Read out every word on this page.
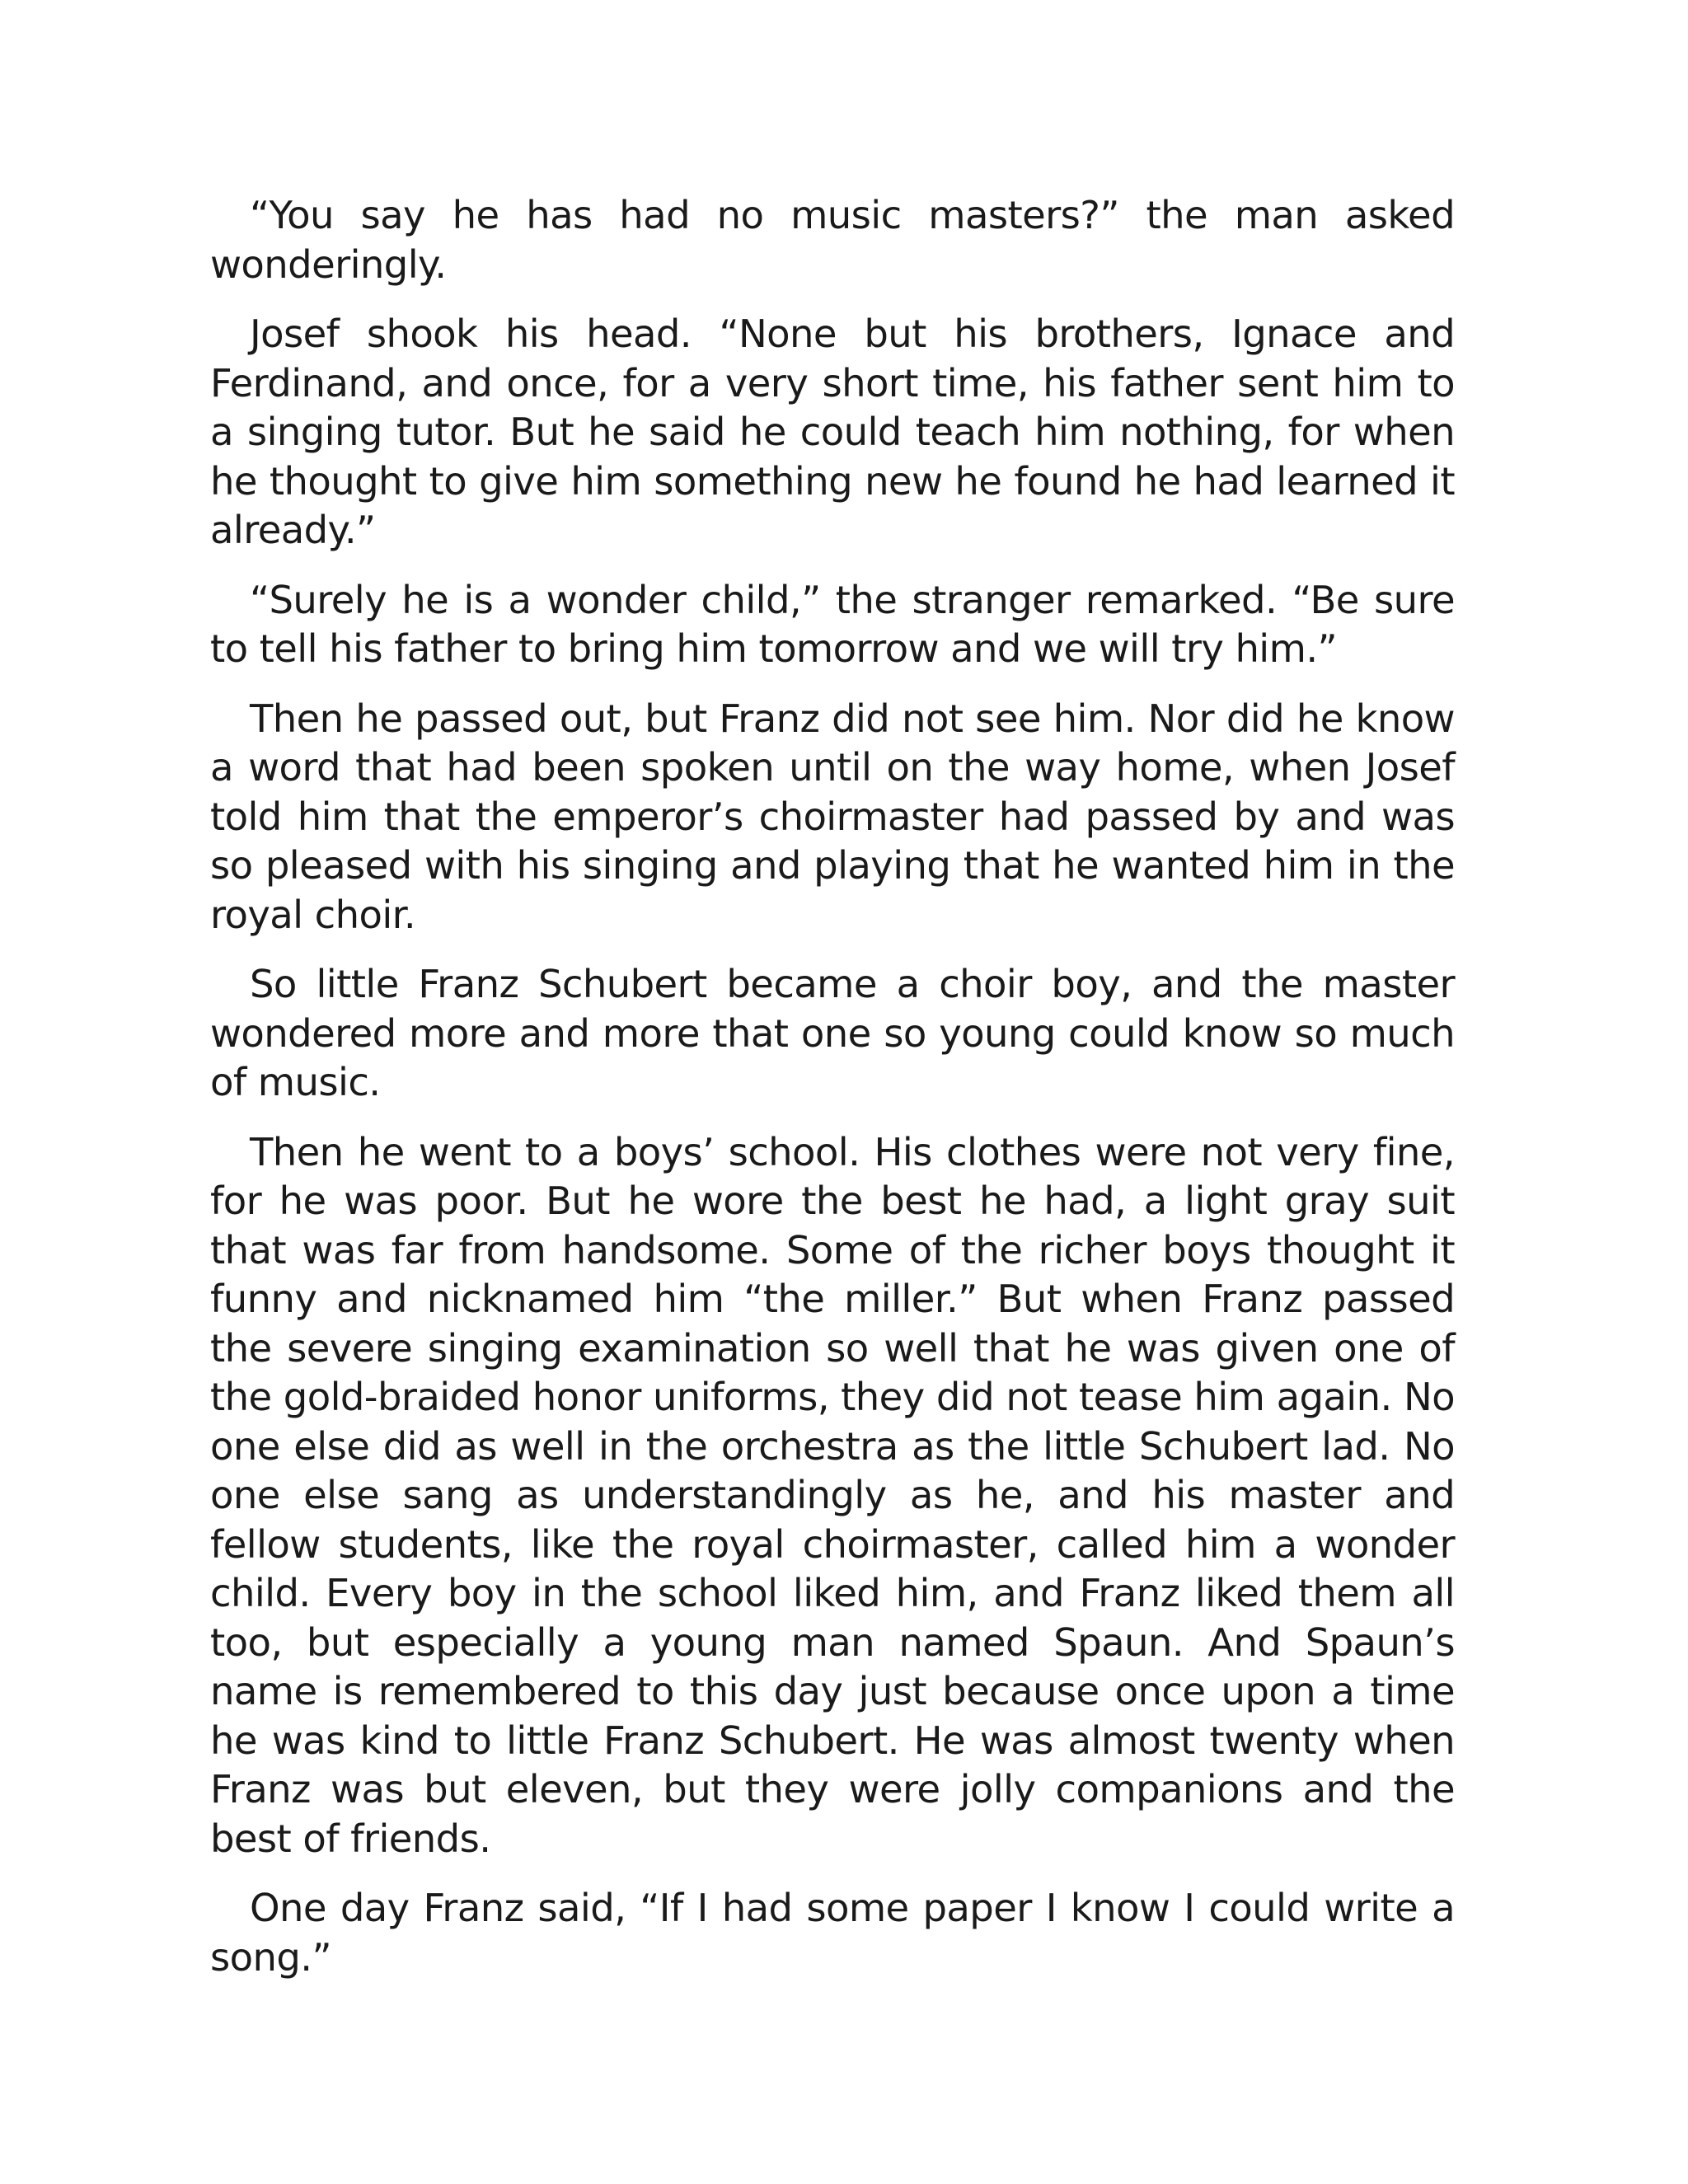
“You say he has had no music masters?” the man asked wonderingly.

Josef shook his head. “None but his brothers, Ignace and Ferdinand, and once, for a very short time, his father sent him to a singing tutor. But he said he could teach him nothing, for when he thought to give him something new he found he had learned it already.”

“Surely he is a wonder child,” the stranger remarked. “Be sure to tell his father to bring him tomorrow and we will try him.”

Then he passed out, but Franz did not see him. Nor did he know a word that had been spoken until on the way home, when Josef told him that the emperor’s choirmaster had passed by and was so pleased with his singing and playing that he wanted him in the royal choir.

So little Franz Schubert became a choir boy, and the master wondered more and more that one so young could know so much of music.

Then he went to a boys’ school. His clothes were not very fine, for he was poor. But he wore the best he had, a light gray suit that was far from handsome. Some of the richer boys thought it funny and nicknamed him “the miller.” But when Franz passed the severe singing examination so well that he was given one of the gold-braided honor uniforms, they did not tease him again. No one else did as well in the orchestra as the little Schubert lad. No one else sang as understandingly as he, and his master and fellow students, like the royal choirmaster, called him a wonder child. Every boy in the school liked him, and Franz liked them all too, but especially a young man named Spaun. And Spaun’s name is remembered to this day just because once upon a time he was kind to little Franz Schubert. He was almost twenty when Franz was but eleven, but they were jolly companions and the best of friends.

One day Franz said, “If I had some paper I know I could write a song.”
